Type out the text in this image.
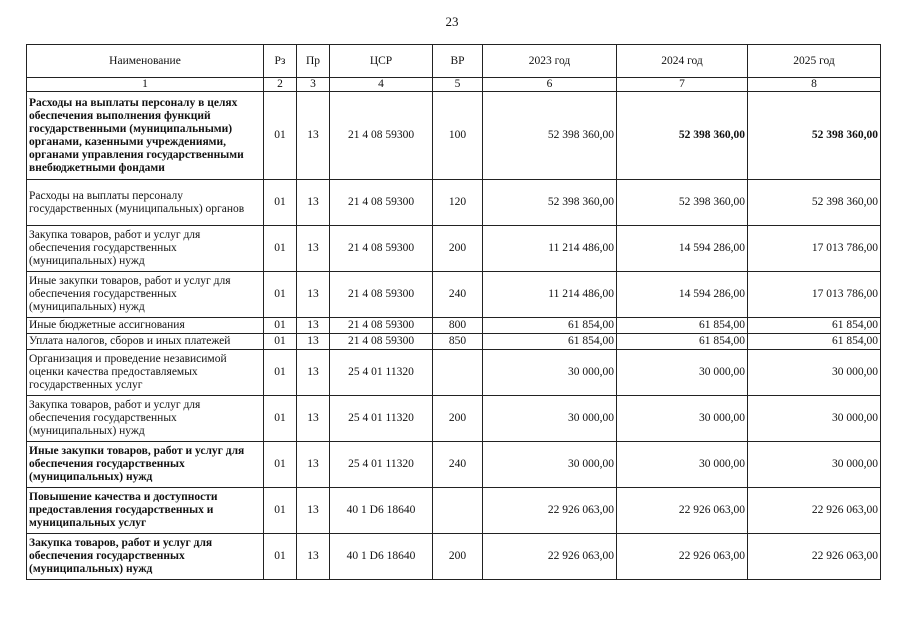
23
Наименование	Рз	Пр	ЦСР	ВР	2023 год	2024 год	2025 год
1	2	3	4	5	6	7	8
Расходы на выплаты персоналу в целях обеспечения выполнения функций государственными (муниципальными) органами, казенными учреждениями, органами управления государственными внебюджетными фондами	01	13	21 4 08 59300	100	52 398 360,00	52 398 360,00	52 398 360,00
Расходы на выплаты персоналу государственных (муниципальных) органов	01	13	21 4 08 59300	120	52 398 360,00	52 398 360,00	52 398 360,00
Закупка товаров, работ и услуг для обеспечения государственных (муниципальных) нужд	01	13	21 4 08 59300	200	11 214 486,00	14 594 286,00	17 013 786,00
Иные закупки товаров, работ и услуг для обеспечения государственных (муниципальных) нужд	01	13	21 4 08 59300	240	11 214 486,00	14 594 286,00	17 013 786,00
Иные бюджетные ассигнования	01	13	21 4 08 59300	800	61 854,00	61 854,00	61 854,00
Уплата налогов, сборов и иных платежей	01	13	21 4 08 59300	850	61 854,00	61 854,00	61 854,00
Организация и проведение независимой оценки качества предоставляемых государственных услуг	01	13	25 4 01 11320		30 000,00	30 000,00	30 000,00
Закупка товаров, работ и услуг для обеспечения государственных (муниципальных) нужд	01	13	25 4 01 11320	200	30 000,00	30 000,00	30 000,00
Иные закупки товаров, работ и услуг для обеспечения государственных (муниципальных) нужд	01	13	25 4 01 11320	240	30 000,00	30 000,00	30 000,00
Повышение качества и доступности предоставления государственных и муниципальных услуг	01	13	40 1 D6 18640		22 926 063,00	22 926 063,00	22 926 063,00
Закупка товаров, работ и услуг для обеспечения государственных (муниципальных) нужд	01	13	40 1 D6 18640	200	22 926 063,00	22 926 063,00	22 926 063,00
